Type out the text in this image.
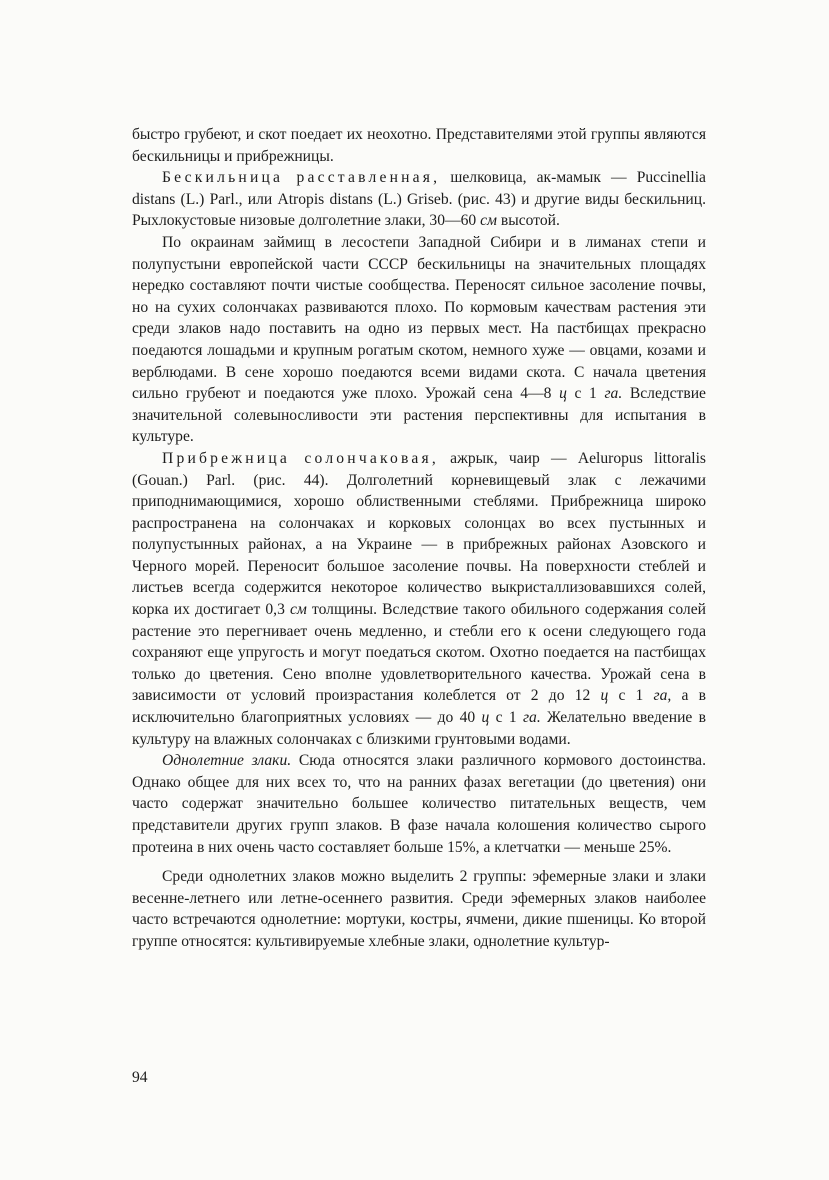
быстро грубеют, и скот поедает их неохотно. Представителями этой группы являются бескильницы и прибрежницы.

Бескильница расставленная, шелковица, ак-мамык — Puccinellia distans (L.) Parl., или Atropis distans (L.) Griseb. (рис. 43) и другие виды бескильниц. Рыхлокустовые низовые долголетние злаки, 30—60 см высотой.

По окраинам займищ в лесостепи Западной Сибири и в лиманах степи и полупустыни европейской части СССР бескильницы на значительных площадях нередко составляют почти чистые сообщества. Переносят сильное засоление почвы, но на сухих солончаках развиваются плохо. По кормовым качествам растения эти среди злаков надо поставить на одно из первых мест. На пастбищах прекрасно поедаются лошадьми и крупным рогатым скотом, немного хуже — овцами, козами и верблюдами. В сене хорошо поедаются всеми видами скота. С начала цветения сильно грубеют и поедаются уже плохо. Урожай сена 4—8 ц с 1 га. Вследствие значительной солевыносливости эти растения перспективны для испытания в культуре.

Прибрежница солончаковая, ажрык, чаир — Aeluropus littoralis (Gouan.) Parl. (рис. 44). Долголетний корневищевый злак с лежачими приподнимающимися, хорошо облиственными стеблями. Прибрежница широко распространена на солончаках и корковых солонцах во всех пустынных и полупустынных районах, а на Украине — в прибрежных районах Азовского и Черного морей. Переносит большое засоление почвы. На поверхности стеблей и листьев всегда содержится некоторое количество выкристаллизовавшихся солей, корка их достигает 0,3 см толщины. Вследствие такого обильного содержания солей растение это перегнивает очень медленно, и стебли его к осени следующего года сохраняют еще упругость и могут поедаться скотом. Охотно поедается на пастбищах только до цветения. Сено вполне удовлетворительного качества. Урожай сена в зависимости от условий произрастания колеблется от 2 до 12 ц с 1 га, а в исключительно благоприятных условиях — до 40 ц с 1 га. Желательно введение в культуру на влажных солончаках с близкими грунтовыми водами.

Однолетние злаки. Сюда относятся злаки различного кормового достоинства. Однако общее для них всех то, что на ранних фазах вегетации (до цветения) они часто содержат значительно большее количество питательных веществ, чем представители других групп злаков. В фазе начала колошения количество сырого протеина в них очень часто составляет больше 15%, а клетчатки — меньше 25%.

Среди однолетних злаков можно выделить 2 группы: эфемерные злаки и злаки весенне-летнего или летне-осеннего развития. Среди эфемерных злаков наиболее часто встречаются однолетние: мортуки, костры, ячмени, дикие пшеницы. Ко второй группе относятся: культивируемые хлебные злаки, однолетние культур-

94
